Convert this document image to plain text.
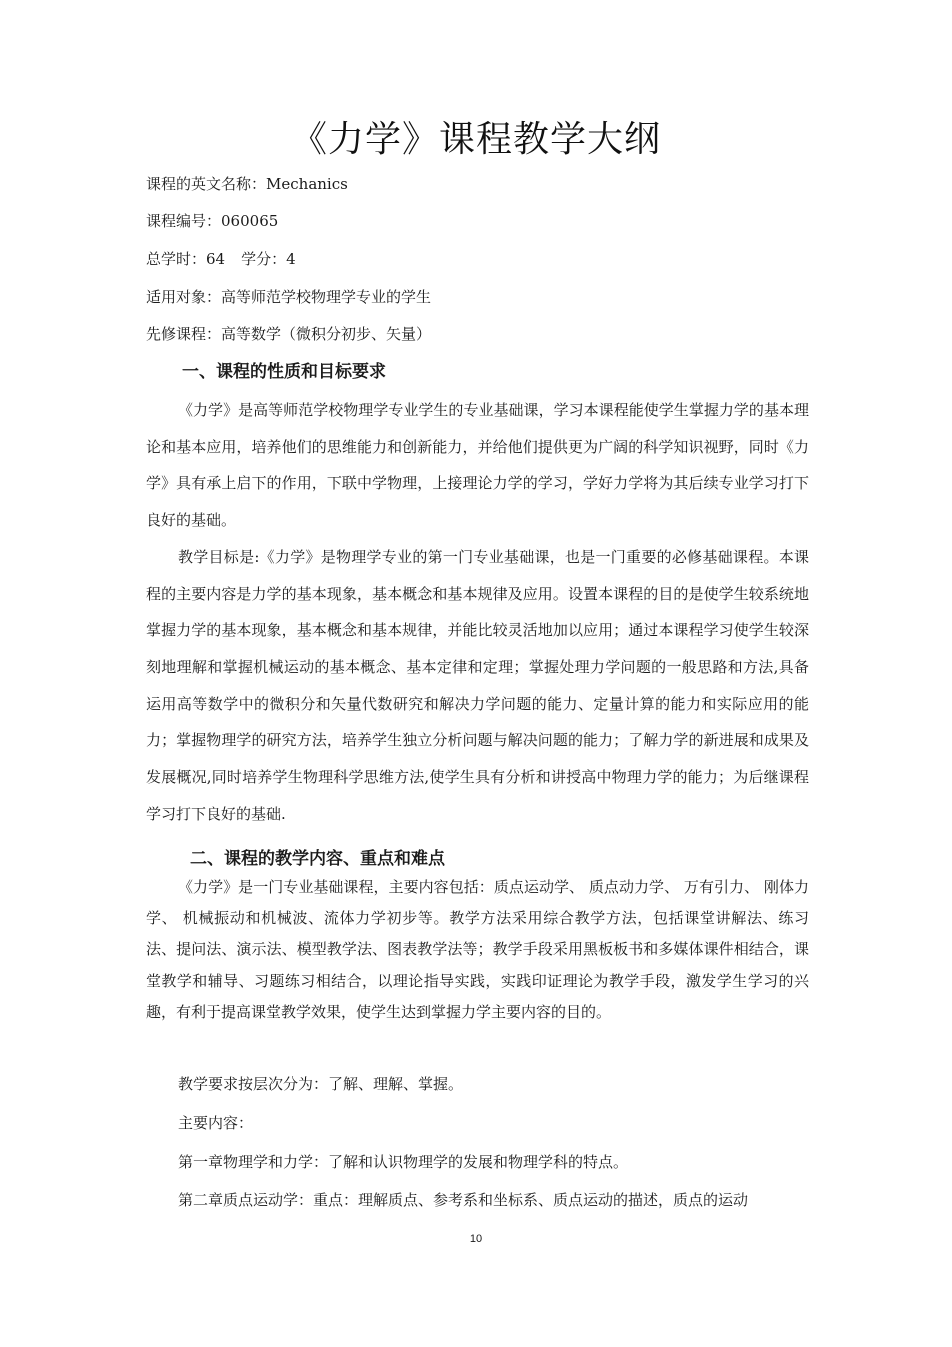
《力学》课程教学大纲
课程的英文名称：Mechanics
课程编号：060065
总学时：64 学分：4
适用对象：高等师范学校物理学专业的学生
先修课程：高等数学（微积分初步、矢量）
一、课程的性质和目标要求

《力学》是高等师范学校物理学专业学生的专业基础课，学习本课程能使学生掌握力学的基本理论和基本应用，培养他们的思维能力和创新能力，并给他们提供更为广阔的科学知识视野，同时《力学》具有承上启下的作用，下联中学物理，上接理论力学的学习，学好力学将为其后续专业学习打下良好的基础。

教学目标是:《力学》是物理学专业的第一门专业基础课，也是一门重要的必修基础课程。本课程的主要内容是力学的基本现象，基本概念和基本规律及应用。设置本课程的目的是使学生较系统地掌握力学的基本现象，基本概念和基本规律，并能比较灵活地加以应用；通过本课程学习使学生较深刻地理解和掌握机械运动的基本概念、基本定律和定理；掌握处理力学问题的一般思路和方法,具备运用高等数学中的微积分和矢量代数研究和解决力学问题的能力、定量计算的能力和实际应用的能力；掌握物理学的研究方法，培养学生独立分析问题与解决问题的能力；了解力学的新进展和成果及发展概况,同时培养学生物理科学思维方法,使学生具有分析和讲授高中物理力学的能力；为后继课程学习打下良好的基础.

二、课程的教学内容、重点和难点

《力学》是一门专业基础课程，主要内容包括：质点运动学、 质点动力学、 万有引力、 刚体力学、 机械振动和机械波、流体力学初步等。教学方法采用综合教学方法，包括课堂讲解法、练习法、提问法、演示法、模型教学法、图表教学法等；教学手段采用黑板板书和多媒体课件相结合，课堂教学和辅导、习题练习相结合，以理论指导实践，实践印证理论为教学手段，激发学生学习的兴趣，有利于提高课堂教学效果，使学生达到掌握力学主要内容的目的。

教学要求按层次分为：了解、理解、掌握。
主要内容：
第一章物理学和力学：了解和认识物理学的发展和物理学科的特点。
第二章质点运动学：重点：理解质点、参考系和坐标系、质点运动的描述，质点的运动
10
